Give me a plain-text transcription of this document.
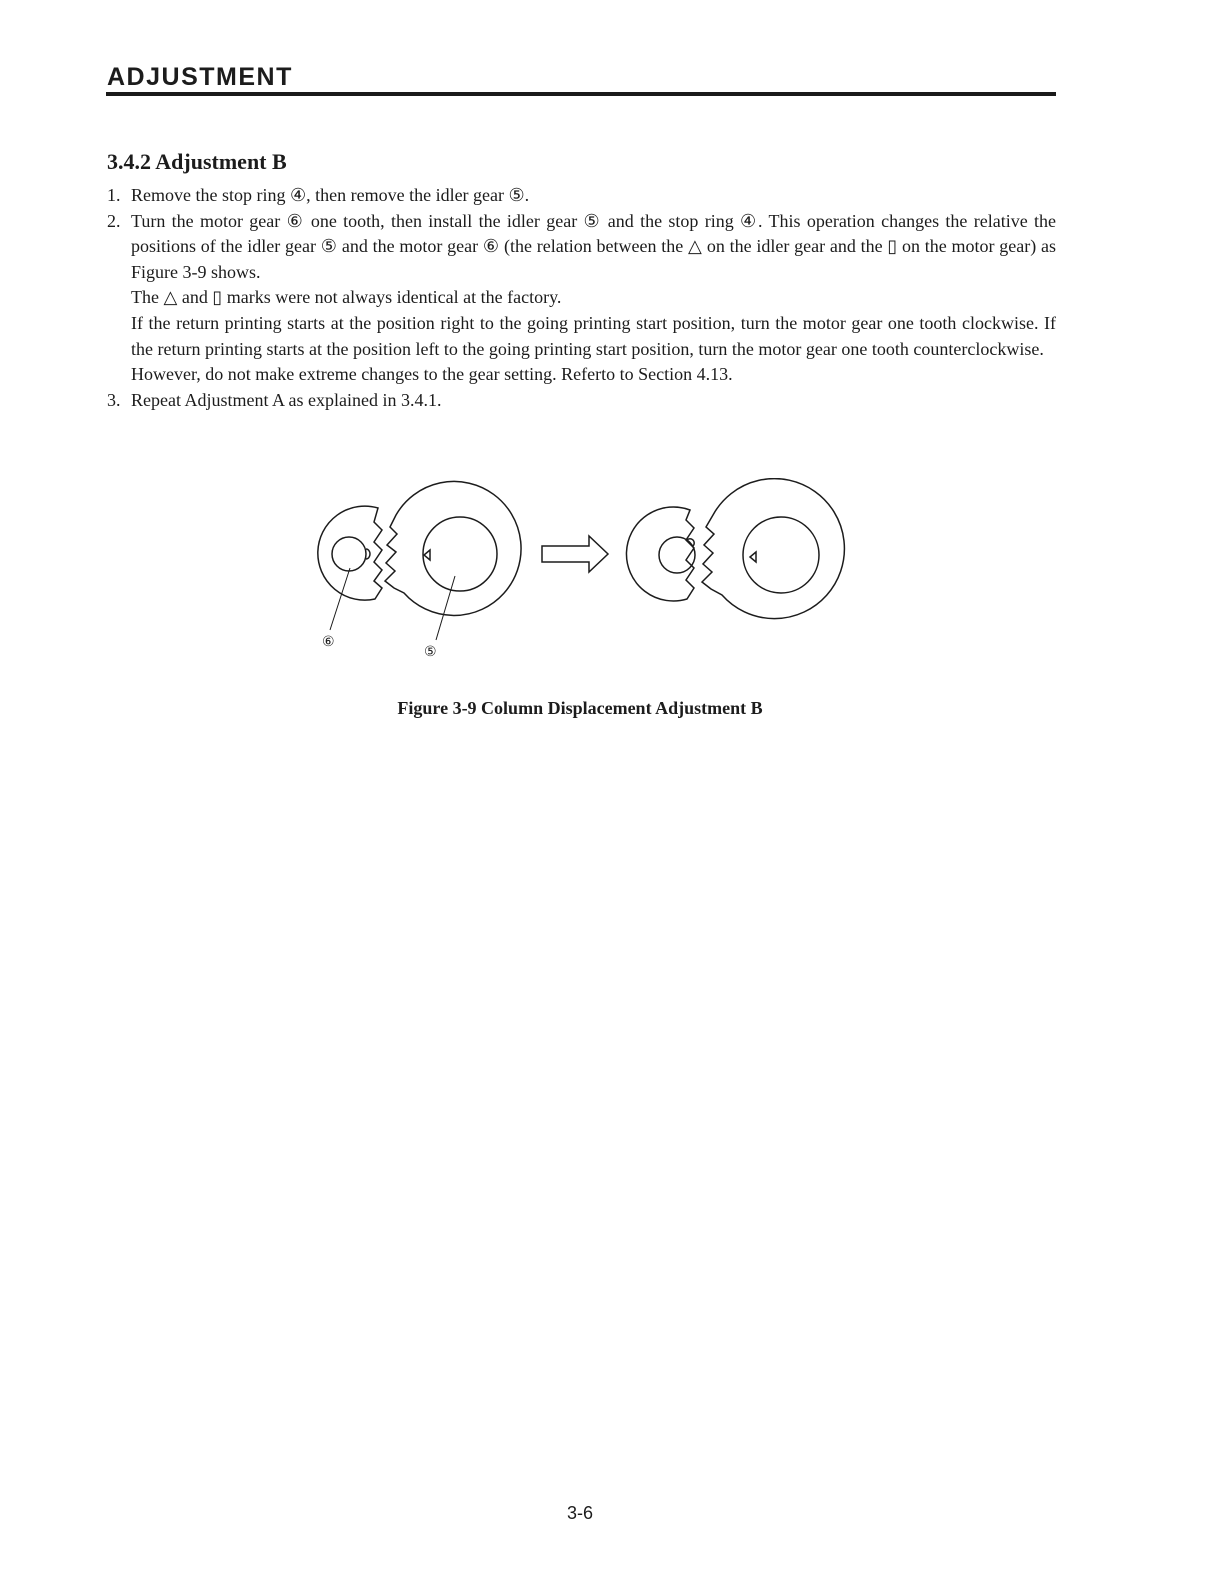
ADJUSTMENT
3.4.2 Adjustment B
1. Remove the stop ring ④, then remove the idler gear ⑤.
2. Turn the motor gear ⑥ one tooth, then install the idler gear ⑤ and the stop ring ④. This operation changes the relative the positions of the idler gear ⑤ and the motor gear ⑥ (the relation between the △ on the idler gear and the ▯ on the motor gear) as Figure 3-9 shows.
The △ and ▯ marks were not always identical at the factory.
If the return printing starts at the position right to the going printing start position, turn the motor gear one tooth clockwise. If the return printing starts at the position left to the going printing start position, turn the motor gear one tooth counterclockwise.
However, do not make extreme changes to the gear setting. Referto to Section 4.13.
3. Repeat Adjustment A as explained in 3.4.1.
⑥
⑤
Figure 3-9 Column Displacement Adjustment B
3-6
